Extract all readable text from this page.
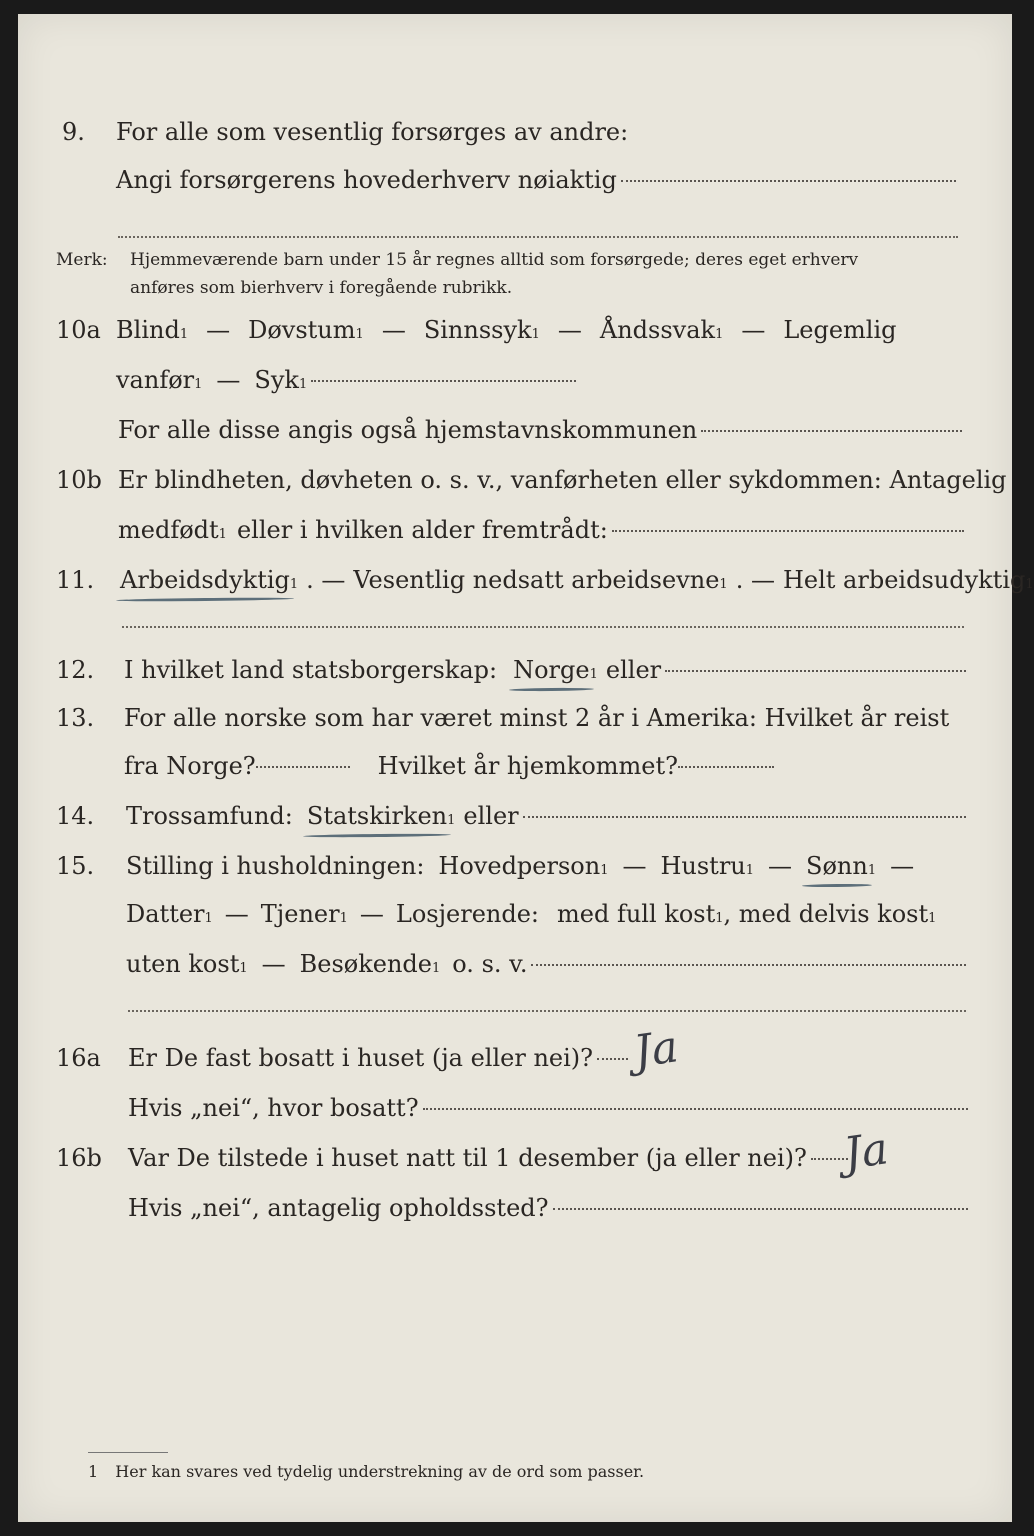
9. For alle som vesentlig forsørges av andre:
Angi forsørgerens hovederhverv nøiaktig
Merk: Hjemmeværende barn under 15 år regnes alltid som forsørgede; deres eget erhverv
anføres som bierhverv i foregående rubrikk.
10a Blind 1 — Døvstum 1 — Sinnssyk 1 — Åndssvak 1 — Legemlig
vanfør 1 — Syk 1
For alle disse angis også hjemstavnskommunen
10b Er blindheten, døvheten o. s. v., vanførheten eller sykdommen: Antagelig
medfødt 1 eller i hvilken alder fremtrådt:
11. Arbeidsdyktig 1 . — Vesentlig nedsatt arbeidsevne 1 . — Helt arbeidsudyktig 1
12. I hvilket land statsborgerskap: Norge 1 eller
13. For alle norske som har været minst 2 år i Amerika: Hvilket år reist
fra Norge?	Hvilket år hjemkommet?
14. Trossamfund: Statskirken 1 eller
15. Stilling i husholdningen: Hovedperson 1 — Hustru 1 — Sønn 1 —
Datter 1 — Tjener 1 — Losjerende: med full kost 1 , med delvis kost 1
uten kost 1 — Besøkende 1 o. s. v.
16a Er De fast bosatt i huset (ja eller nei)? Ja
Hvis „nei“, hvor bosatt?
16b Var De tilstede i huset natt til 1 desember (ja eller nei)? Ja
Hvis „nei“, antagelig opholdssted?
1 Her kan svares ved tydelig understrekning av de ord som passer.
